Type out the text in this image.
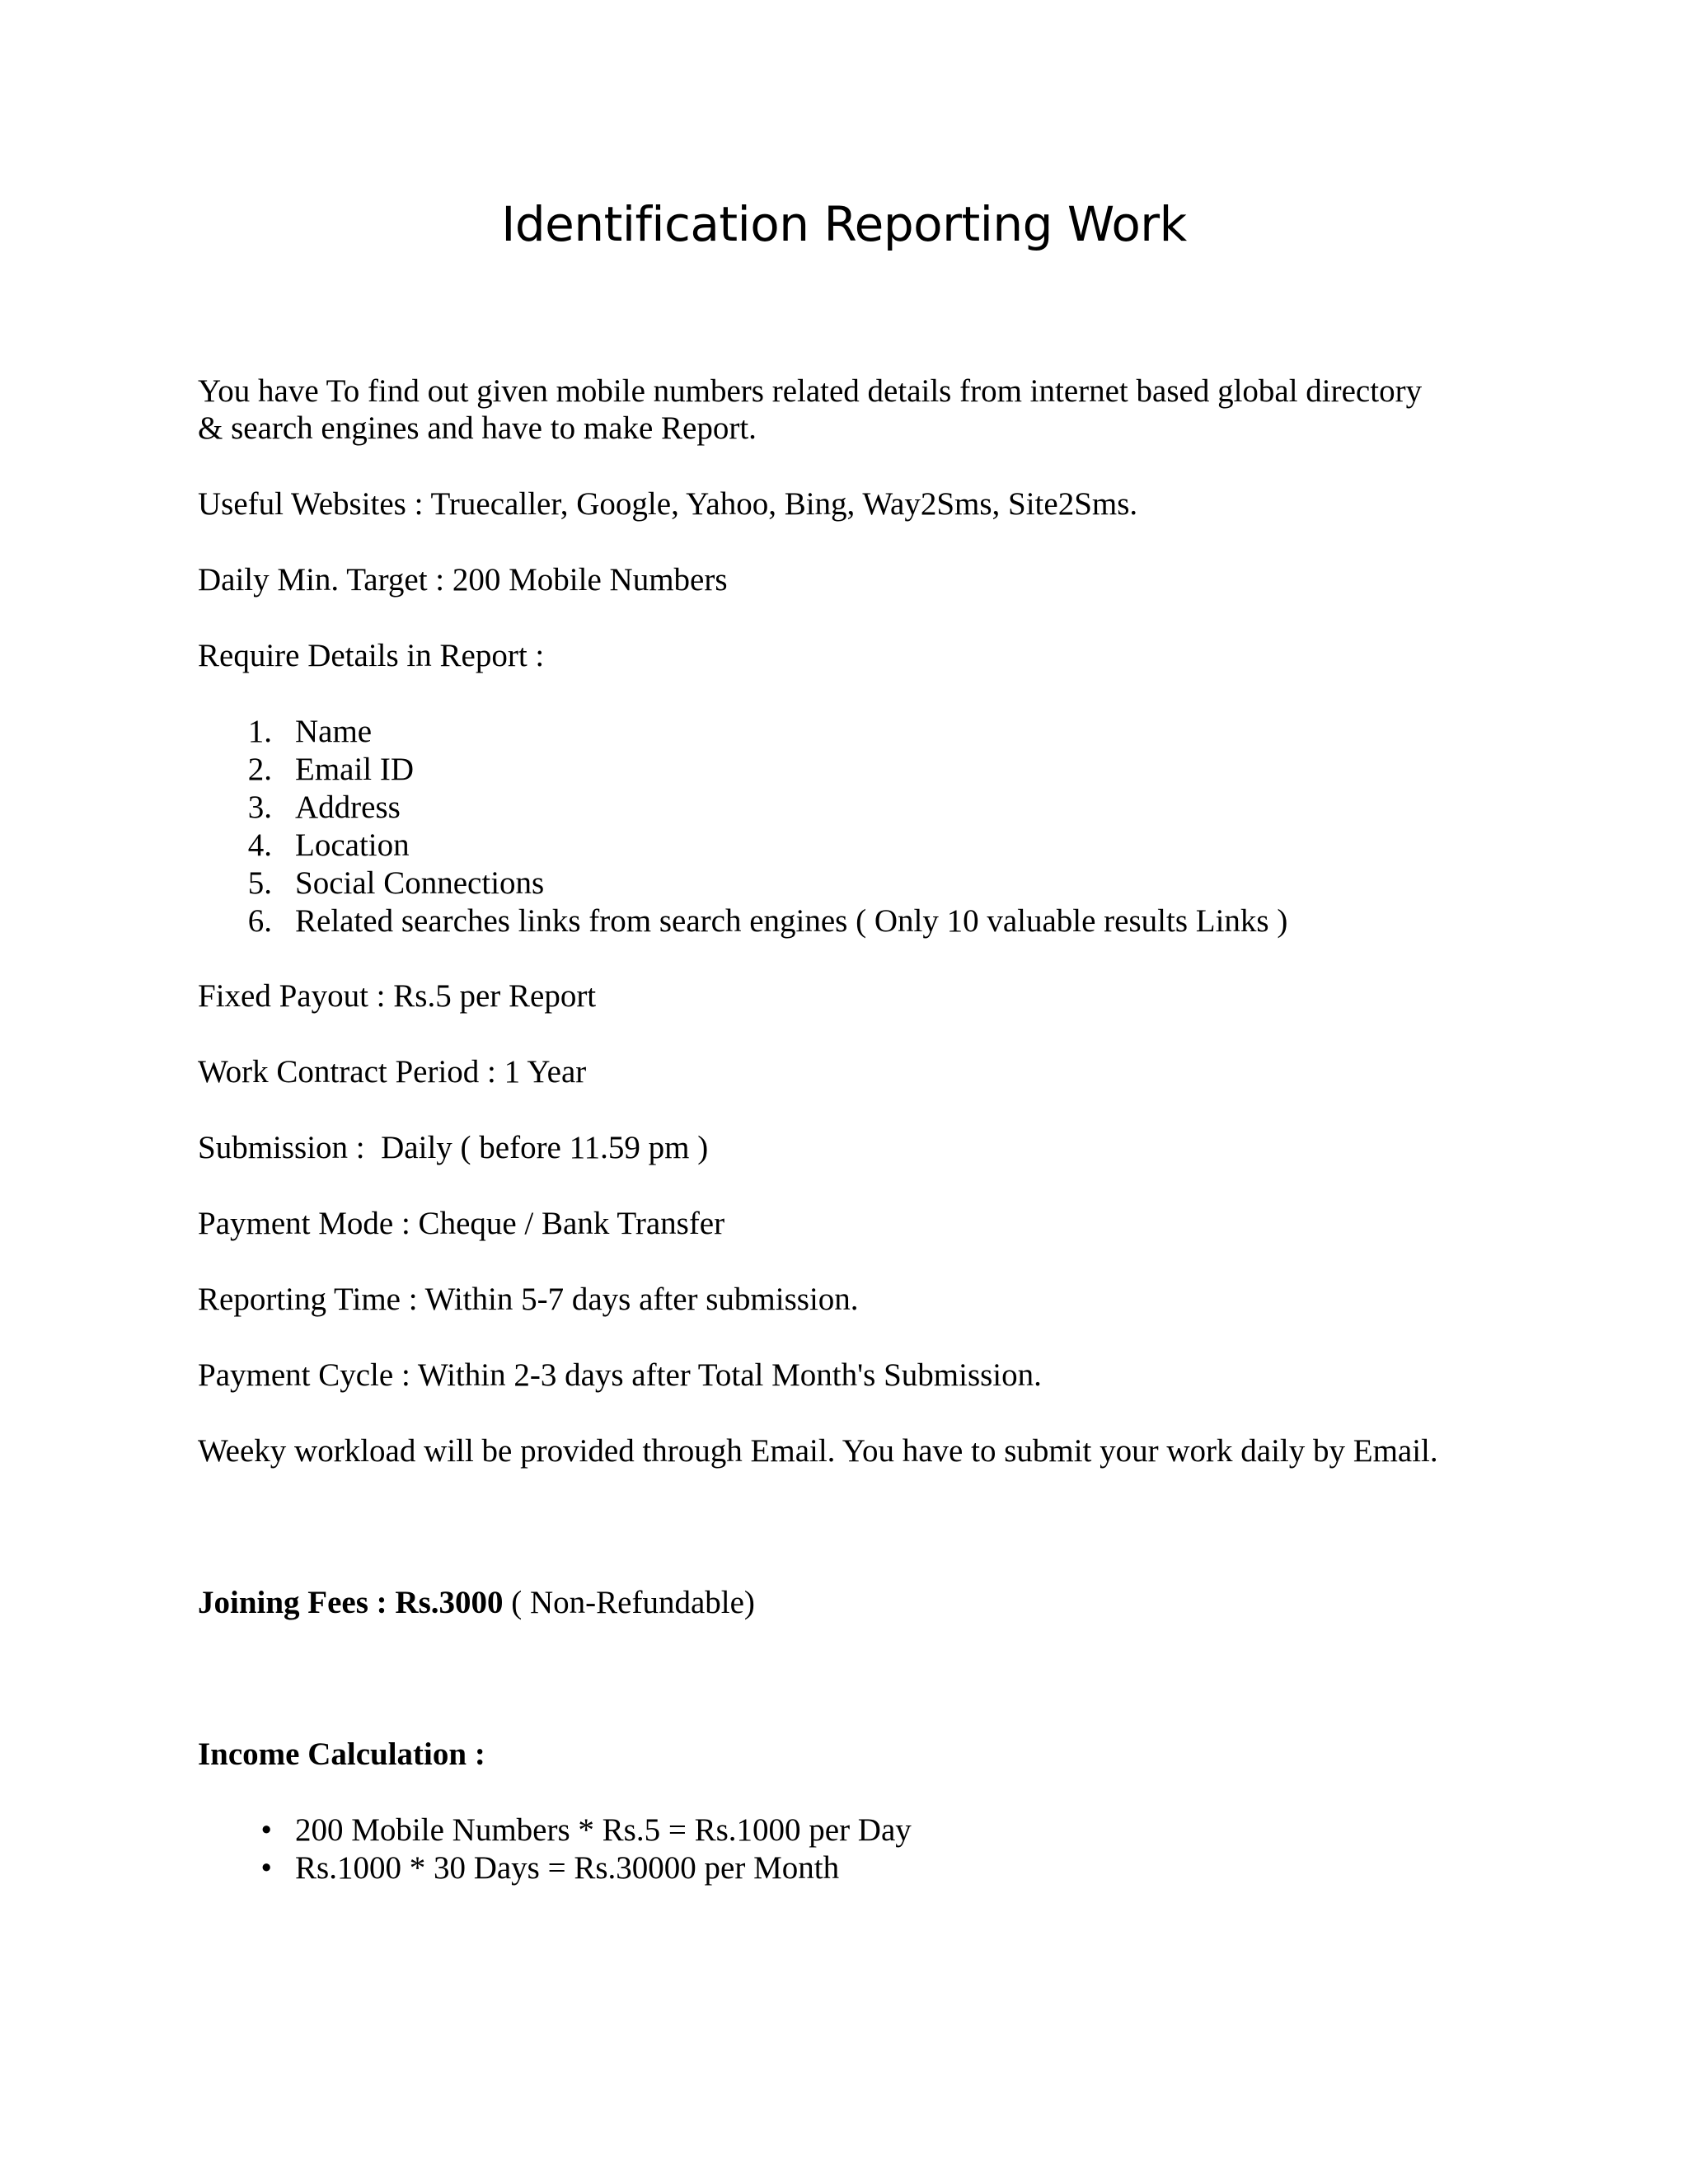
Identification Reporting Work

You have To find out given mobile numbers related details from internet based global directory

& search engines and have to make Report.

Useful Websites : Truecaller, Google, Yahoo, Bing, Way2Sms, Site2Sms.

Daily Min. Target : 200 Mobile Numbers

Require Details in Report :

1. Name
2. Email ID
3. Address
4. Location
5. Social Connections
6. Related searches links from search engines ( Only 10 valuable results Links )

Fixed Payout : Rs.5 per Report

Work Contract Period : 1 Year

Submission :  Daily ( before 11.59 pm )

Payment Mode : Cheque / Bank Transfer

Reporting Time : Within 5-7 days after submission.

Payment Cycle : Within 2-3 days after Total Month's Submission.

Weeky workload will be provided through Email. You have to submit your work daily by Email.

Joining Fees : Rs.3000 ( Non-Refundable)

Income Calculation :

• 200 Mobile Numbers * Rs.5 = Rs.1000 per Day
• Rs.1000 * 30 Days = Rs.30000 per Month
